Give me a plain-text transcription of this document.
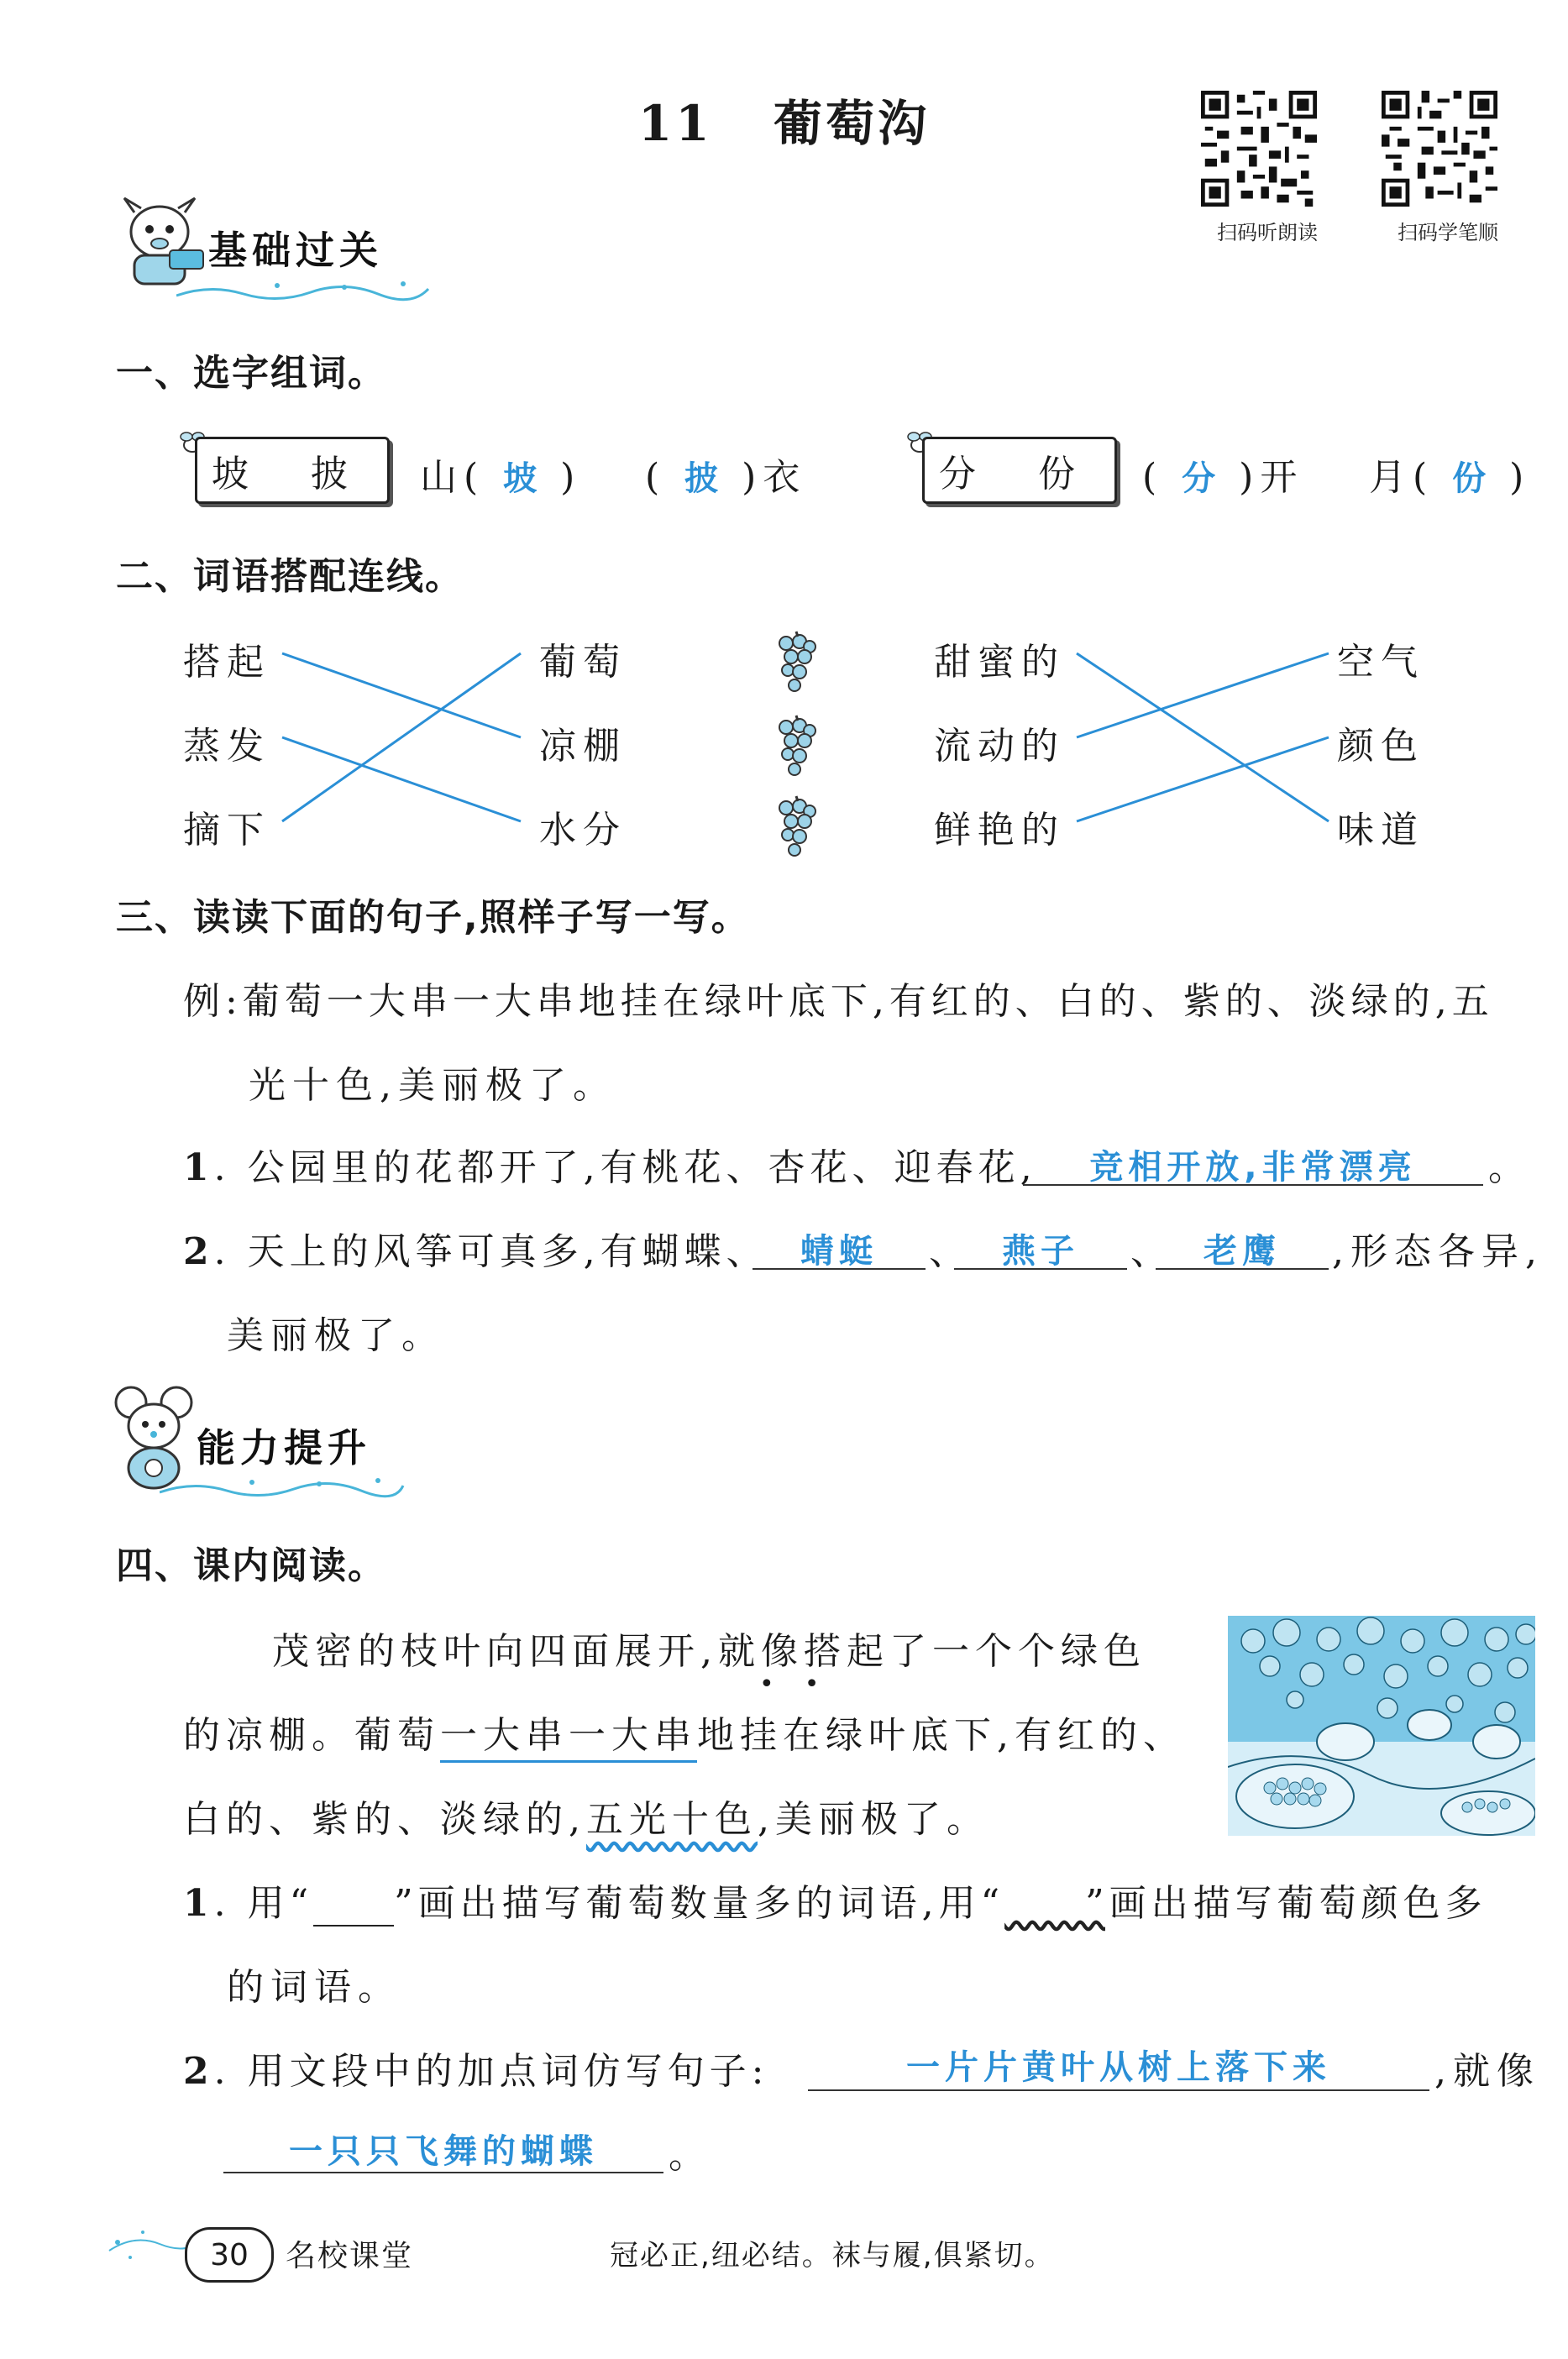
11 葡萄沟
扫码听朗读	扫码学笔顺
基础过关
一、选字组词。
坡 披	山( 坡 ) ( 披 )衣	分 份	( 分 )开 月( 份 )
二、词语搭配连线。
搭起
蒸发
摘下
葡萄
凉棚
水分
甜蜜的
流动的
鲜艳的
空气
颜色
味道
三、读读下面的句子,照样子写一写。
例:葡萄一大串一大串地挂在绿叶底下,有红的、白的、紫的、淡绿的,五
光十色,美丽极了。
1. 公园里的花都开了,有桃花、杏花、迎春花,	竞相开放,非常漂亮	。
2. 天上的风筝可真多,有蝴蝶、 蜻蜓	、 燕子	、 老鹰	,形态各异,
美丽极了。
能力提升
四、课内阅读。
茂密的枝叶向四面展开,就像搭起了一个个绿色
••
的凉棚。葡萄一大串一大串地挂在绿叶底下,有红的、
白的、紫的、淡绿的,五光十色,美丽极了。
1. 用“ ”画出描写葡萄数量多的词语,用“ ”画出描写葡萄颜色多
的词语。
2. 用文段中的加点词仿写句子:	一片片黄叶从树上落下来	,就像
一只只飞舞的蝴蝶	。
30 名校课堂	冠必正,纽必结。袜与履,俱紧切。
